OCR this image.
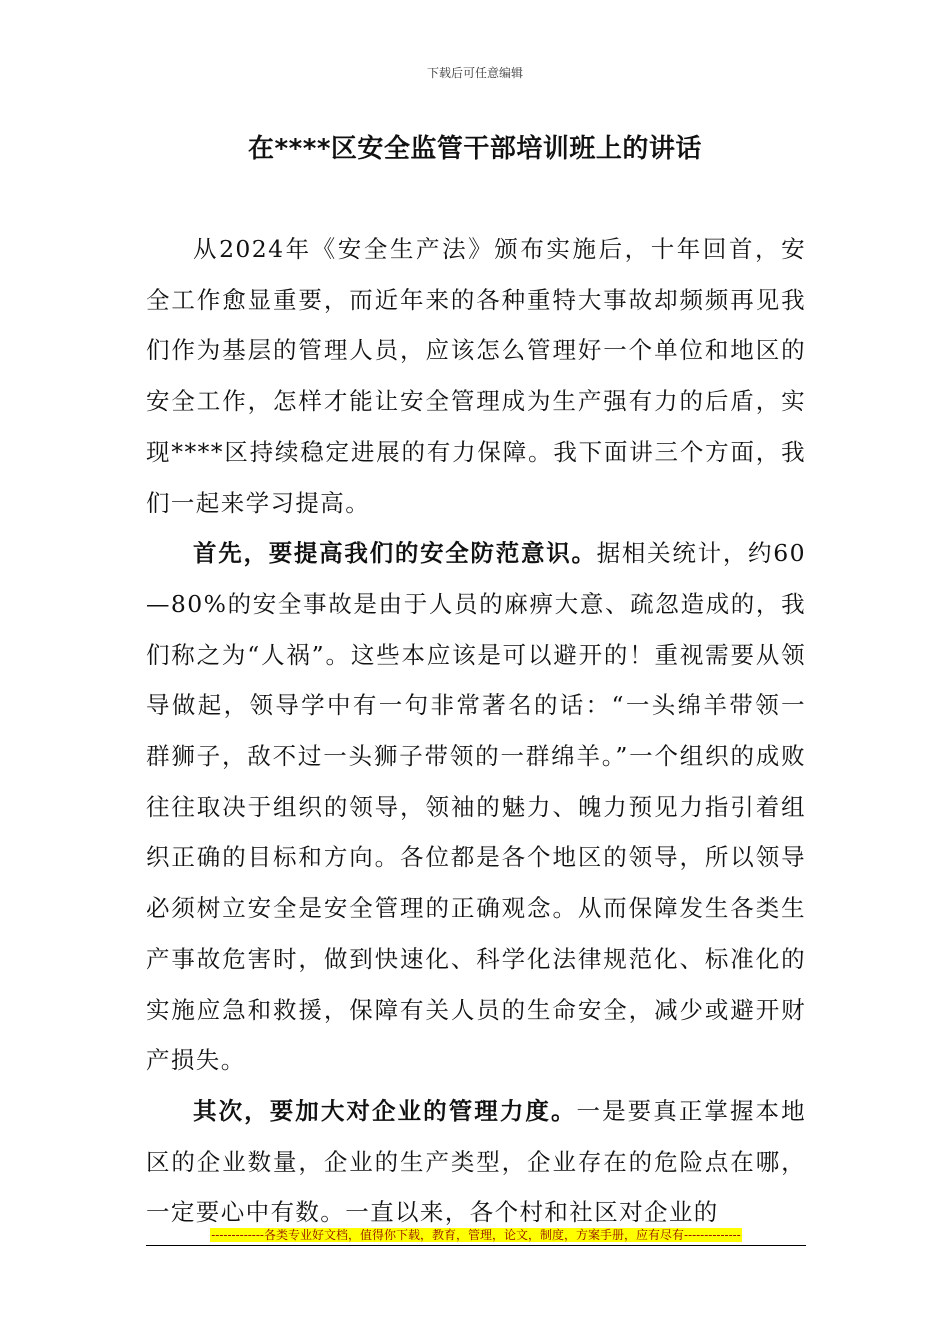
下载后可任意编辑
在****区安全监管干部培训班上的讲话

从2024年《安全生产法》颁布实施后，十年回首，安全工作愈显重要，而近年来的各种重特大事故却频频再见我们作为基层的管理人员，应该怎么管理好一个单位和地区的安全工作，怎样才能让安全管理成为生产强有力的后盾，实现****区持续稳定进展的有力保障。我下面讲三个方面，我们一起来学习提高。

首先，要提高我们的安全防范意识。据相关统计，约60—80%的安全事故是由于人员的麻痹大意、疏忽造成的，我们称之为“人祸”。这些本应该是可以避开的！重视需要从领导做起，领导学中有一句非常著名的话：“一头绵羊带领一群狮子，敌不过一头狮子带领的一群绵羊。”一个组织的成败往往取决于组织的领导，领袖的魅力、魄力预见力指引着组织正确的目标和方向。各位都是各个地区的领导，所以领导必须树立安全是安全管理的正确观念。从而保障发生各类生产事故危害时，做到快速化、科学化法律规范化、标准化的实施应急和救援，保障有关人员的生命安全，减少或避开财产损失。

其次，要加大对企业的管理力度。一是要真正掌握本地区的企业数量，企业的生产类型，企业存在的危险点在哪，一定要心中有数。一直以来，各个村和社区对企业的

-------------各类专业好文档，值得你下载，教育，管理，论文，制度，方案手册，应有尽有--------------
